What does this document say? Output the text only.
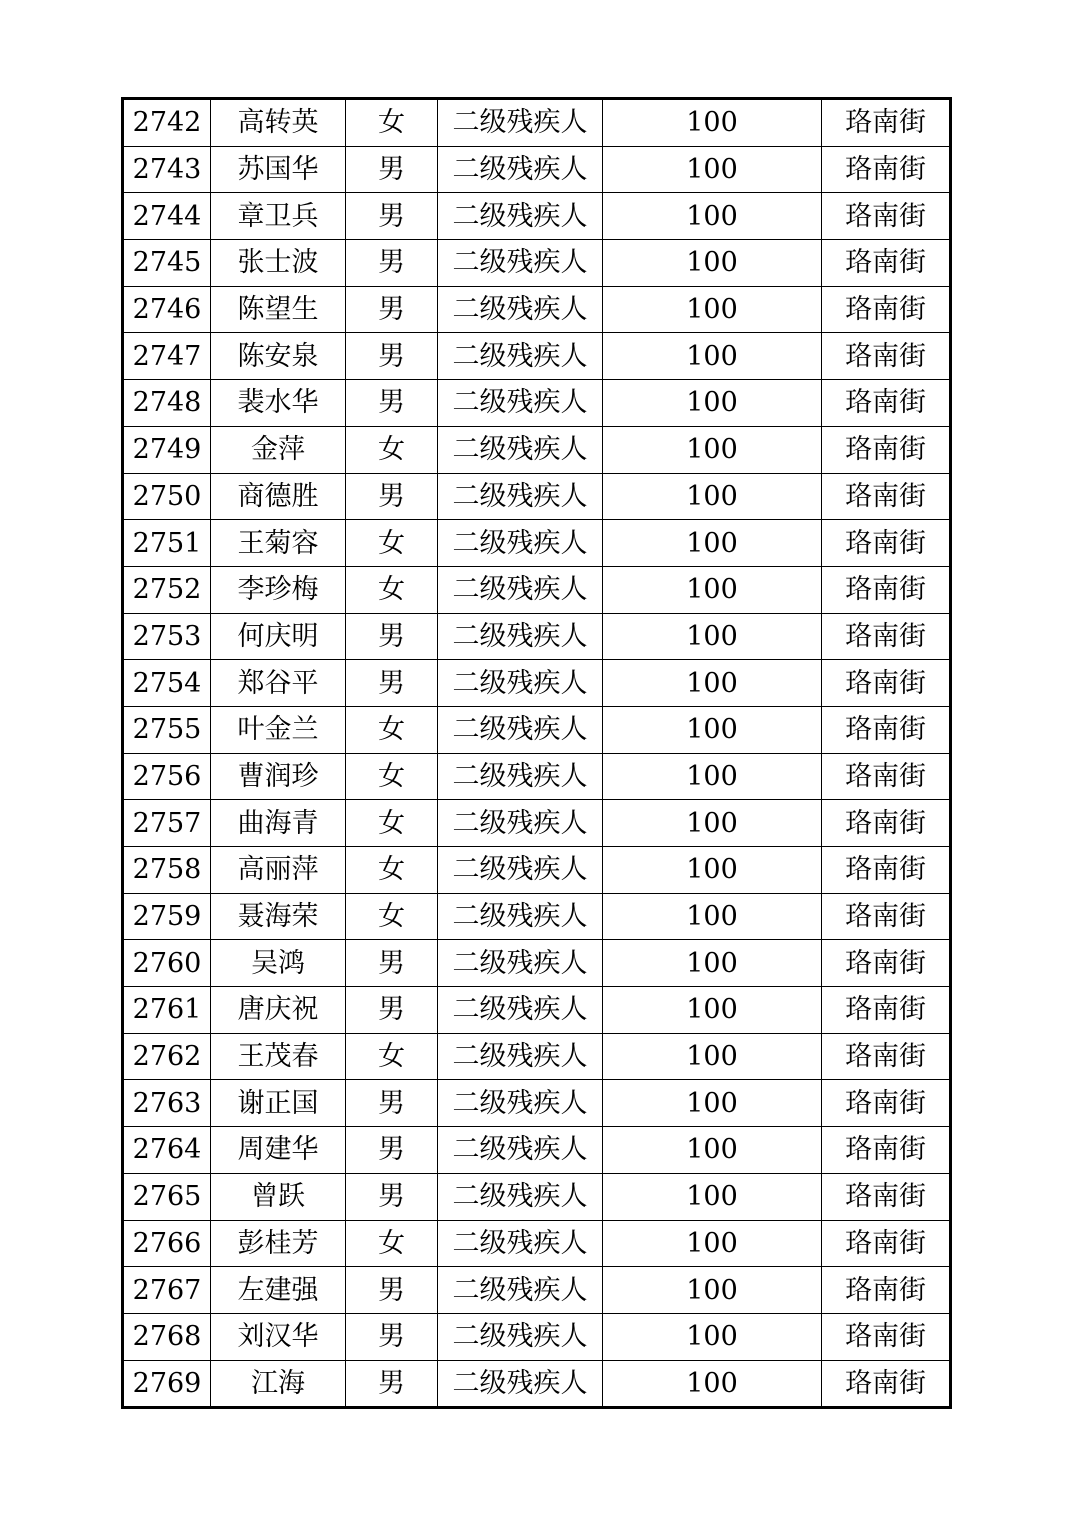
2742	高转英	女	二级残疾人	100	珞南街
2743	苏国华	男	二级残疾人	100	珞南街
2744	章卫兵	男	二级残疾人	100	珞南街
2745	张士波	男	二级残疾人	100	珞南街
2746	陈望生	男	二级残疾人	100	珞南街
2747	陈安泉	男	二级残疾人	100	珞南街
2748	裴水华	男	二级残疾人	100	珞南街
2749	金萍	女	二级残疾人	100	珞南街
2750	商德胜	男	二级残疾人	100	珞南街
2751	王菊容	女	二级残疾人	100	珞南街
2752	李珍梅	女	二级残疾人	100	珞南街
2753	何庆明	男	二级残疾人	100	珞南街
2754	郑谷平	男	二级残疾人	100	珞南街
2755	叶金兰	女	二级残疾人	100	珞南街
2756	曹润珍	女	二级残疾人	100	珞南街
2757	曲海青	女	二级残疾人	100	珞南街
2758	高丽萍	女	二级残疾人	100	珞南街
2759	聂海荣	女	二级残疾人	100	珞南街
2760	吴鸿	男	二级残疾人	100	珞南街
2761	唐庆祝	男	二级残疾人	100	珞南街
2762	王茂春	女	二级残疾人	100	珞南街
2763	谢正国	男	二级残疾人	100	珞南街
2764	周建华	男	二级残疾人	100	珞南街
2765	曾跃	男	二级残疾人	100	珞南街
2766	彭桂芳	女	二级残疾人	100	珞南街
2767	左建强	男	二级残疾人	100	珞南街
2768	刘汉华	男	二级残疾人	100	珞南街
2769	江海	男	二级残疾人	100	珞南街
